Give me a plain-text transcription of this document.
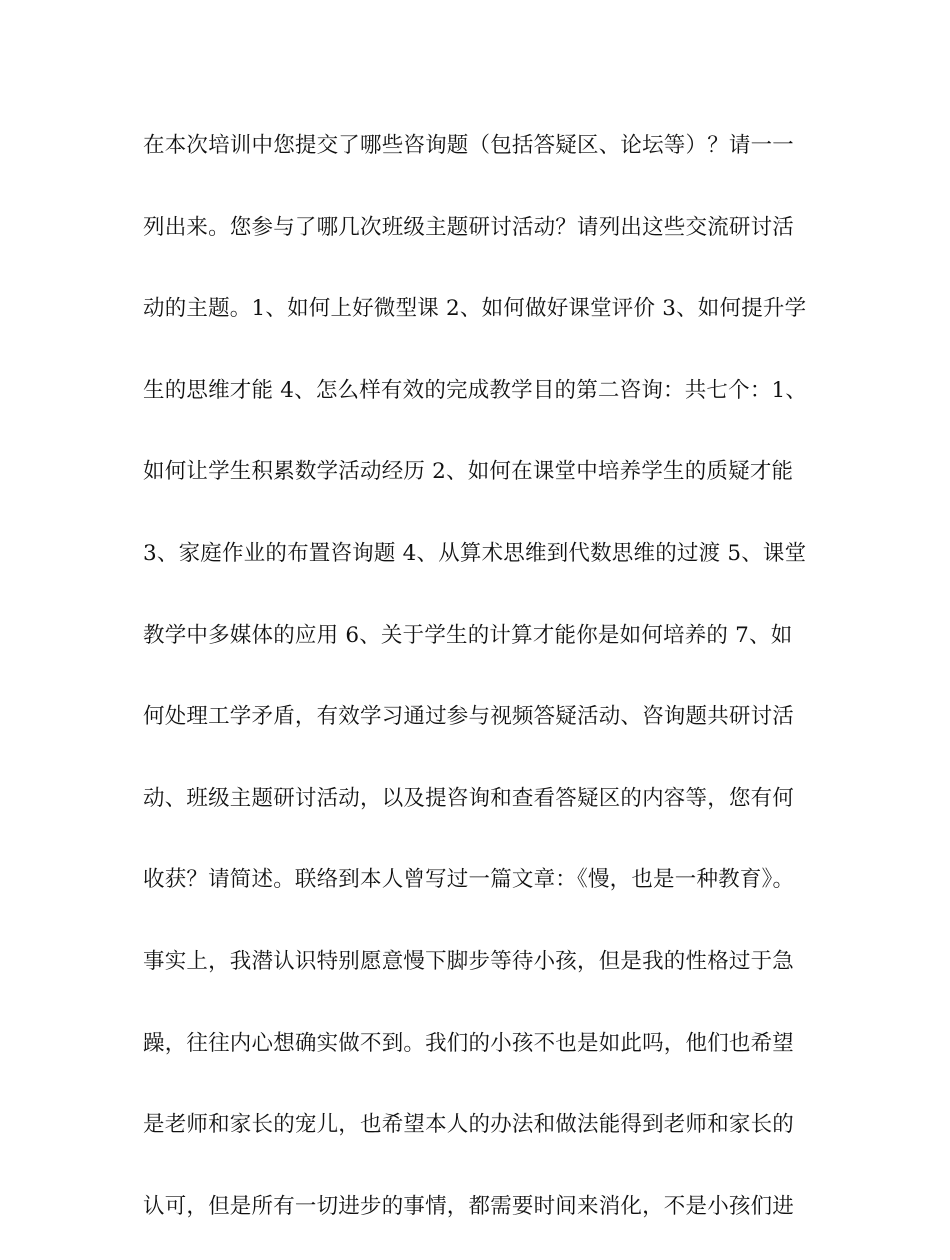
在本次培训中您提交了哪些咨询题（包括答疑区、论坛等）？请一一
列出来。您参与了哪几次班级主题研讨活动？请列出这些交流研讨活
动的主题。1、如何上好微型课 2、如何做好课堂评价 3、如何提升学
生的思维才能 4、怎么样有效的完成教学目的第二咨询：共七个：1、
如何让学生积累数学活动经历 2、如何在课堂中培养学生的质疑才能
3、家庭作业的布置咨询题 4、从算术思维到代数思维的过渡 5、课堂
教学中多媒体的应用 6、关于学生的计算才能你是如何培养的 7、如
何处理工学矛盾，有效学习通过参与视频答疑活动、咨询题共研讨活
动、班级主题研讨活动，以及提咨询和查看答疑区的内容等，您有何
收获？请简述。联络到本人曾写过一篇文章：《慢，也是一种教育》。
事实上，我潜认识特别愿意慢下脚步等待小孩，但是我的性格过于急
躁，往往内心想确实做不到。我们的小孩不也是如此吗，他们也希望
是老师和家长的宠儿，也希望本人的办法和做法能得到老师和家长的
认可，但是所有一切进步的事情，都需要时间来消化，不是小孩们进
